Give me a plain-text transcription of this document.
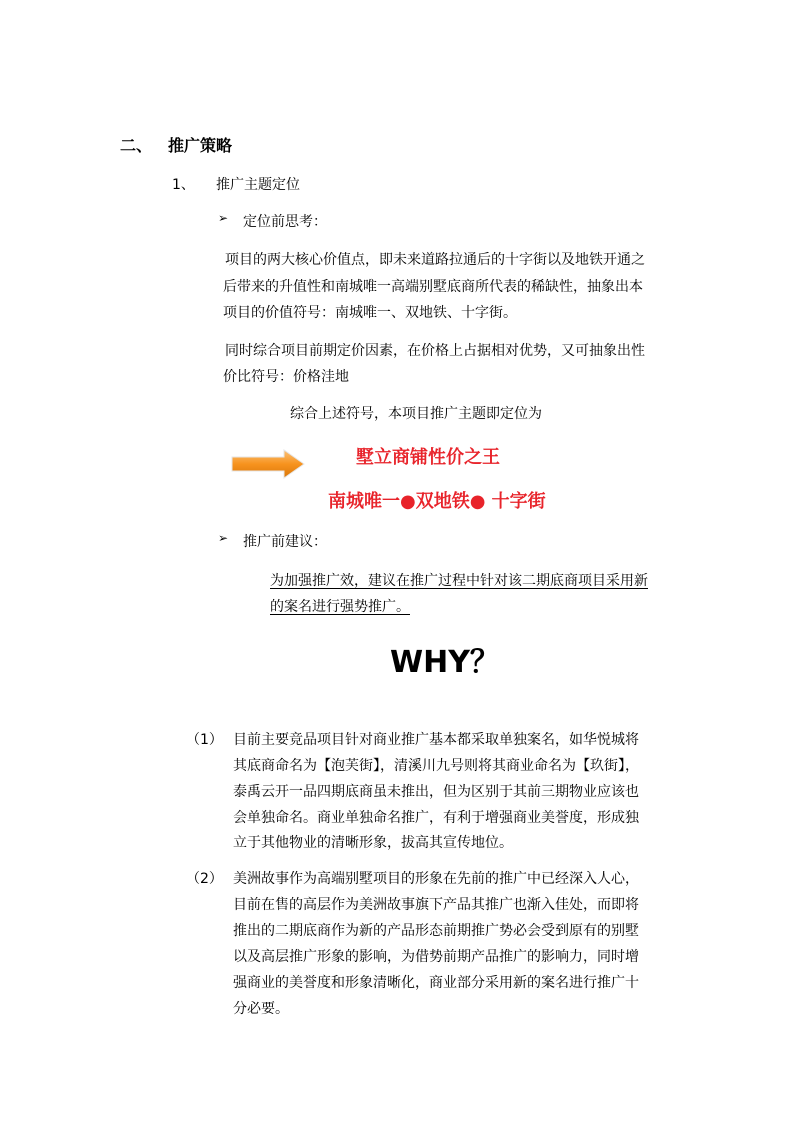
二、 推广策略
1、 推广主题定位
➢ 定位前思考：
项目的两大核心价值点，即未来道路拉通后的十字街以及地铁开通之
后带来的升值性和南城唯一高端别墅底商所代表的稀缺性，抽象出本
项目的价值符号：南城唯一、双地铁、十字街。
同时综合项目前期定价因素，在价格上占据相对优势，又可抽象出性
价比符号：价格洼地
综合上述符号，本项目推广主题即定位为
墅立商铺性价之王
南城唯一●双地铁● 十字街
➢ 推广前建议：
为加强推广效，建议在推广过程中针对该二期底商项目采用新
的案名进行强势推广。
WHY？
（1） 目前主要竞品项目针对商业推广基本都采取单独案名，如华悦城将
其底商命名为【泡芙街】，清溪川九号则将其商业命名为【玖街】，
泰禹云开一品四期底商虽未推出，但为区别于其前三期物业应该也
会单独命名。商业单独命名推广，有利于增强商业美誉度，形成独
立于其他物业的清晰形象，拔高其宣传地位。
（2） 美洲故事作为高端别墅项目的形象在先前的推广中已经深入人心，
目前在售的高层作为美洲故事旗下产品其推广也渐入佳处，而即将
推出的二期底商作为新的产品形态前期推广势必会受到原有的别墅
以及高层推广形象的影响，为借势前期产品推广的影响力，同时增
强商业的美誉度和形象清晰化，商业部分采用新的案名进行推广十
分必要。
